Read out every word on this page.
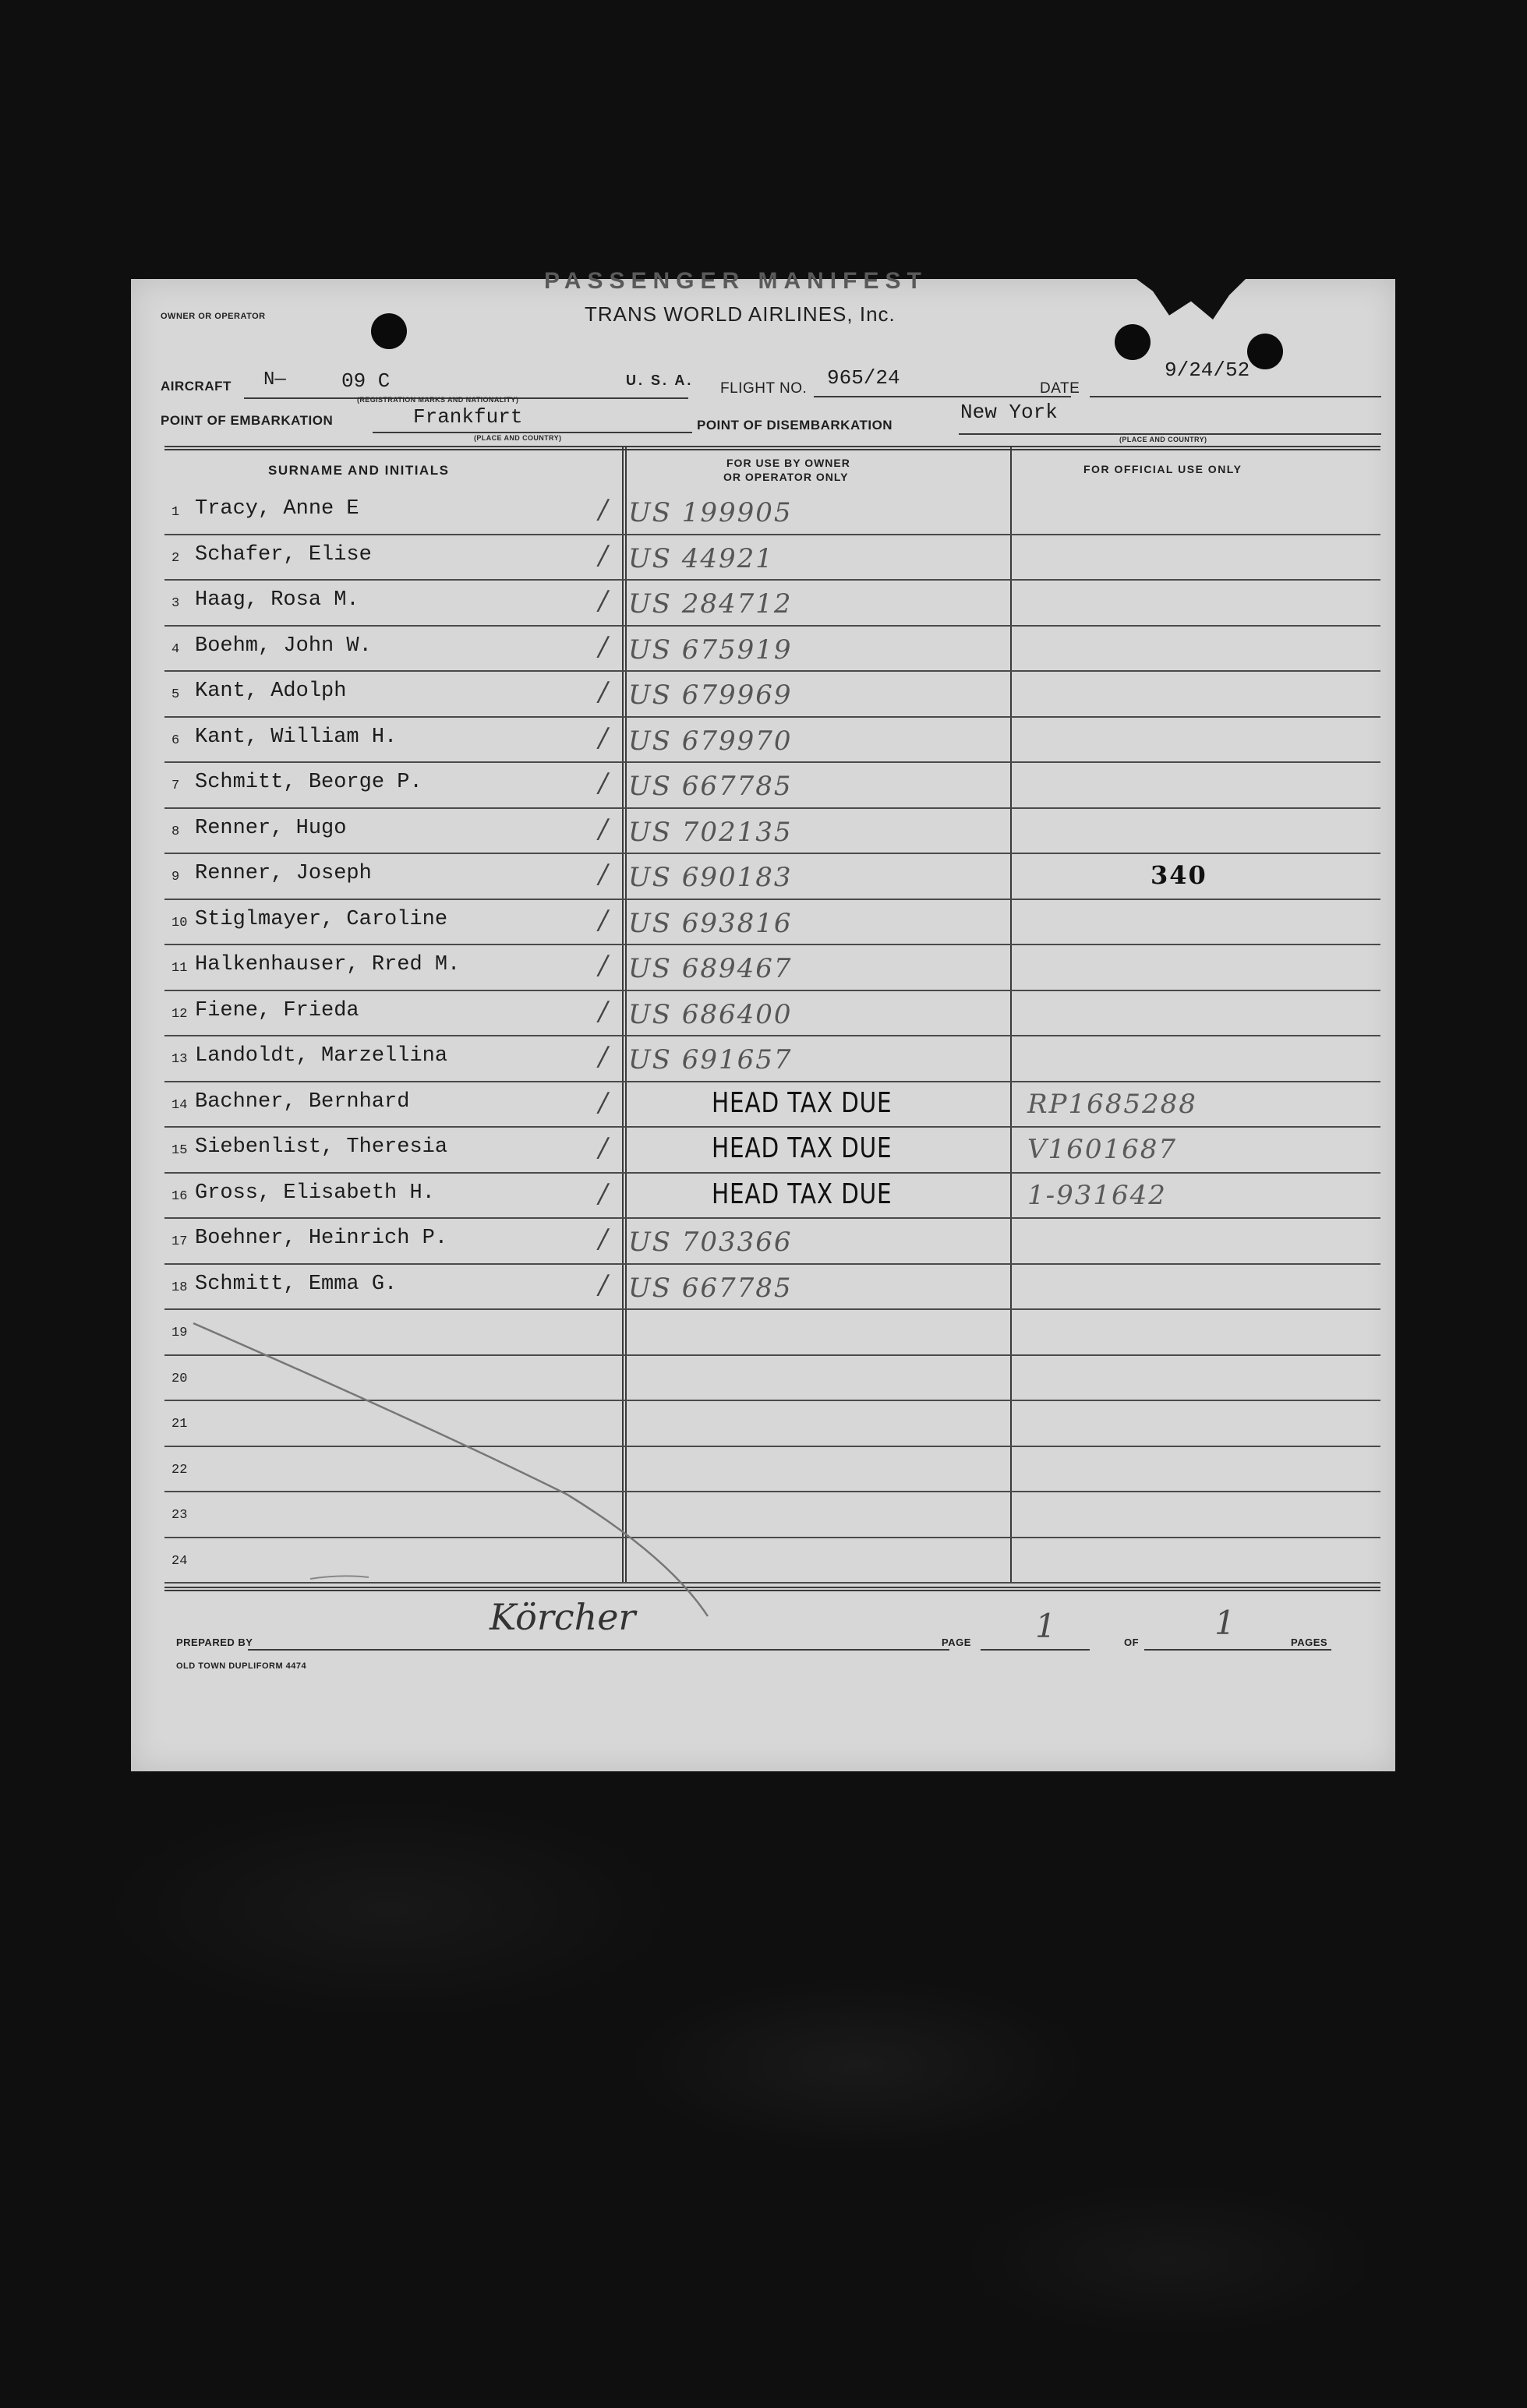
PASSENGER MANIFEST
OWNER OR OPERATOR	TRANS WORLD AIRLINES, Inc.
AIRCRAFT N—	09 C
(REGISTRATION MARKS AND NATIONALITY)
U. S. A. FLIGHT NO. 965/24	DATE
9/24/52
POINT OF EMBARKATION	Frankfurt
(PLACE AND COUNTRY)
POINT OF DISEMBARKATION
New York
(PLACE AND COUNTRY)
SURNAME AND INITIALS	FOR USE BY OWNER
OR OPERATOR ONLY
FOR OFFICIAL USE ONLY
1 Tracy, Anne E	/ US 199905
2 Schafer, Elise	/ US 44921
3 Haag, Rosa M.	/ US 284712
4 Boehm, John W.	/ US 675919
5 Kant, Adolph	/ US 679969
6 Kant, William H.	/ US 679970
7 Schmitt, Beorge P.	/ US 667785
8 Renner, Hugo	/ US 702135
9 Renner, Joseph	/ US 690183	340
10 Stiglmayer, Caroline	/ US 693816
11 Halkenhauser, Rred M.	/ US 689467
12 Fiene, Frieda	/ US 686400
13 Landoldt, Marzellina	/ US 691657
14 Bachner, Bernhard	/	HEAD TAX DUE	RP1685288
15 Siebenlist, Theresia	/	HEAD TAX DUE	V1601687
16 Gross, Elisabeth H.	/	HEAD TAX DUE	1-931642
17 Boehner, Heinrich P.	/ US 703366
18 Schmitt, Emma G.	/ US 667785
19
20
21
22
23
24
PREPARED BY
Körcher
PAGE 1	OF
1
PAGES
OLD TOWN DUPLIFORM 4474
